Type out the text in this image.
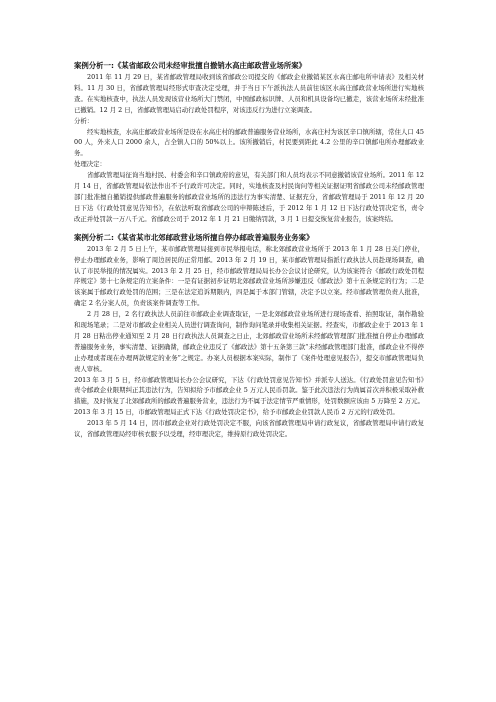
案例分析一:《某省邮政公司未经审批擅自撤销水高庄邮政营业场所案》

2011 年 11 月 29 日，某省邮政管理局收到该省邮政公司提交的《邮政企业撤销某区水高庄邮电所申请表》及相关材料。11 月 30 日，省邮政管理局经形式审查决定受理，并于当日下午派执法人员前往该区水高庄邮政营业场所进行实地核查。在实地核查中，执法人员发现该营业场所大门禁闭，中国邮政标识牌、人员和机具设备均已撤走，该营业场所未经批准已撤销。12 月 2 日，省邮政管理局启动行政处罚程序，对该违反行为进行立案调查。

分析：

经实地核查，水高庄邮政营业场所是设在水高庄村的邮政普遍服务营业场所，水高庄村为该区辛口镇所辖，常住人口 4500 人，外来人口 2000 余人，占全镇人口的 50%以上。该所撤销后，村民要到距此 4.2 公里的辛口镇邮电所办理邮政业务。

处理决定：

省邮政管理局征询当地村民、村委会和辛口镇政府的意见，有关部门和人员均表示不同意撤销该营业场所。2011 年 12 月 14 日，省邮政管理局依法作出不予行政许可决定。同时，实地核查及村民询问等相关证据证明省邮政公司未经邮政管理部门批准擅自撤销提供邮政普遍服务的邮政营业场所的违法行为事实清楚、证据充分，省邮政管理局于 2011 年 12 月 20 日下达《行政处罚意见告知书》，在依法听取省邮政公司的申辩陈述后，于 2012 年 1 月 12 日下达行政处罚决定书，责令改正并处罚款一万八千元。省邮政公司于 2012 年 1 月 21 日缴纳罚款，3 月 1 日提交恢复营业报告，该案终结。

案例分析二:《某省某市北郊邮政营业场所擅自停办邮政普遍服务业务案》

2013 年 2 月 5 日上午，某市邮政管理局接到市民举报电话，称北郊邮政营业场所于 2013 年 1 月 28 日关门停业，停止办理邮政业务，影响了周边居民的正常用邮。2013 年 2 月 19 日，某市邮政管理局指派行政执法人员赴现场调查，确认了市民举报的情况属实。2013 年 2 月 25 日，经市邮政管理局局长办公会议讨论研究，认为该案符合《邮政行政处罚程序规定》第十七条规定的立案条件：一是有证据初步证明北郊邮政营业场所涉嫌违反《邮政法》第十五条规定的行为；二是该案属于邮政行政处罚的范围；三是在法定追诉期限内，四是属于本部门管辖，决定予以立案。经市邮政管理负责人批准，确定 2 名分案人员，负责该案件调查等工作。

2 月 28 日，2 名行政执法人员前往市邮政企业调查取证，一是北郊邮政营业场所进行现场查看、拍照取证，制作勘验和现场笔录；二是对市邮政企业相关人员进行调查询问，制作询问笔录并收集相关证据。经查实，市邮政企业于 2013 年 1 月 28 日粘出停业通知至 2 月 28 日行政执法人员调查之日止，北郊邮政营业场所未经邮政管理部门批准擅自停止办理邮政普遍服务业务，事实清楚、证据确凿，邮政企业违反了《邮政法》第十五条第三款“未经邮政管理部门批准，邮政企业不得停止办理或者现在办理两款规定的业务”之规定。办案人员根据本案实际，制作了《案件处理意见报告》，提交市邮政管理局负责人审核。

2013 年 3 月 5 日，经市邮政管理局长办公会议研究，下达《行政处罚意见告知书》并派专人送达。《行政处罚意见告知书》责令邮政企业限期纠正其违法行为，告知拟给予市邮政企业 5 万元人民币罚款。鉴于此次违法行为尚属首次并积极采取补救措施，及时恢复了北郊邮政所的邮政普遍服务营业，违法行为不属于法定情节严重情形，处罚数额应该由 5 万降至 2 万元。2013 年 3 月 15 日，市邮政管理局正式下达《行政处罚决定书》，给予市邮政企业罚款人民币 2 万元的行政处罚。

2013 年 5 月 14 日，因市邮政企业对行政处罚决定不服，向该省邮政管理局申请行政复议，省邮政管理局申请行政复议，省邮政管理局经审核衣服予以受理，经审理决定，维持原行政处罚决定。
